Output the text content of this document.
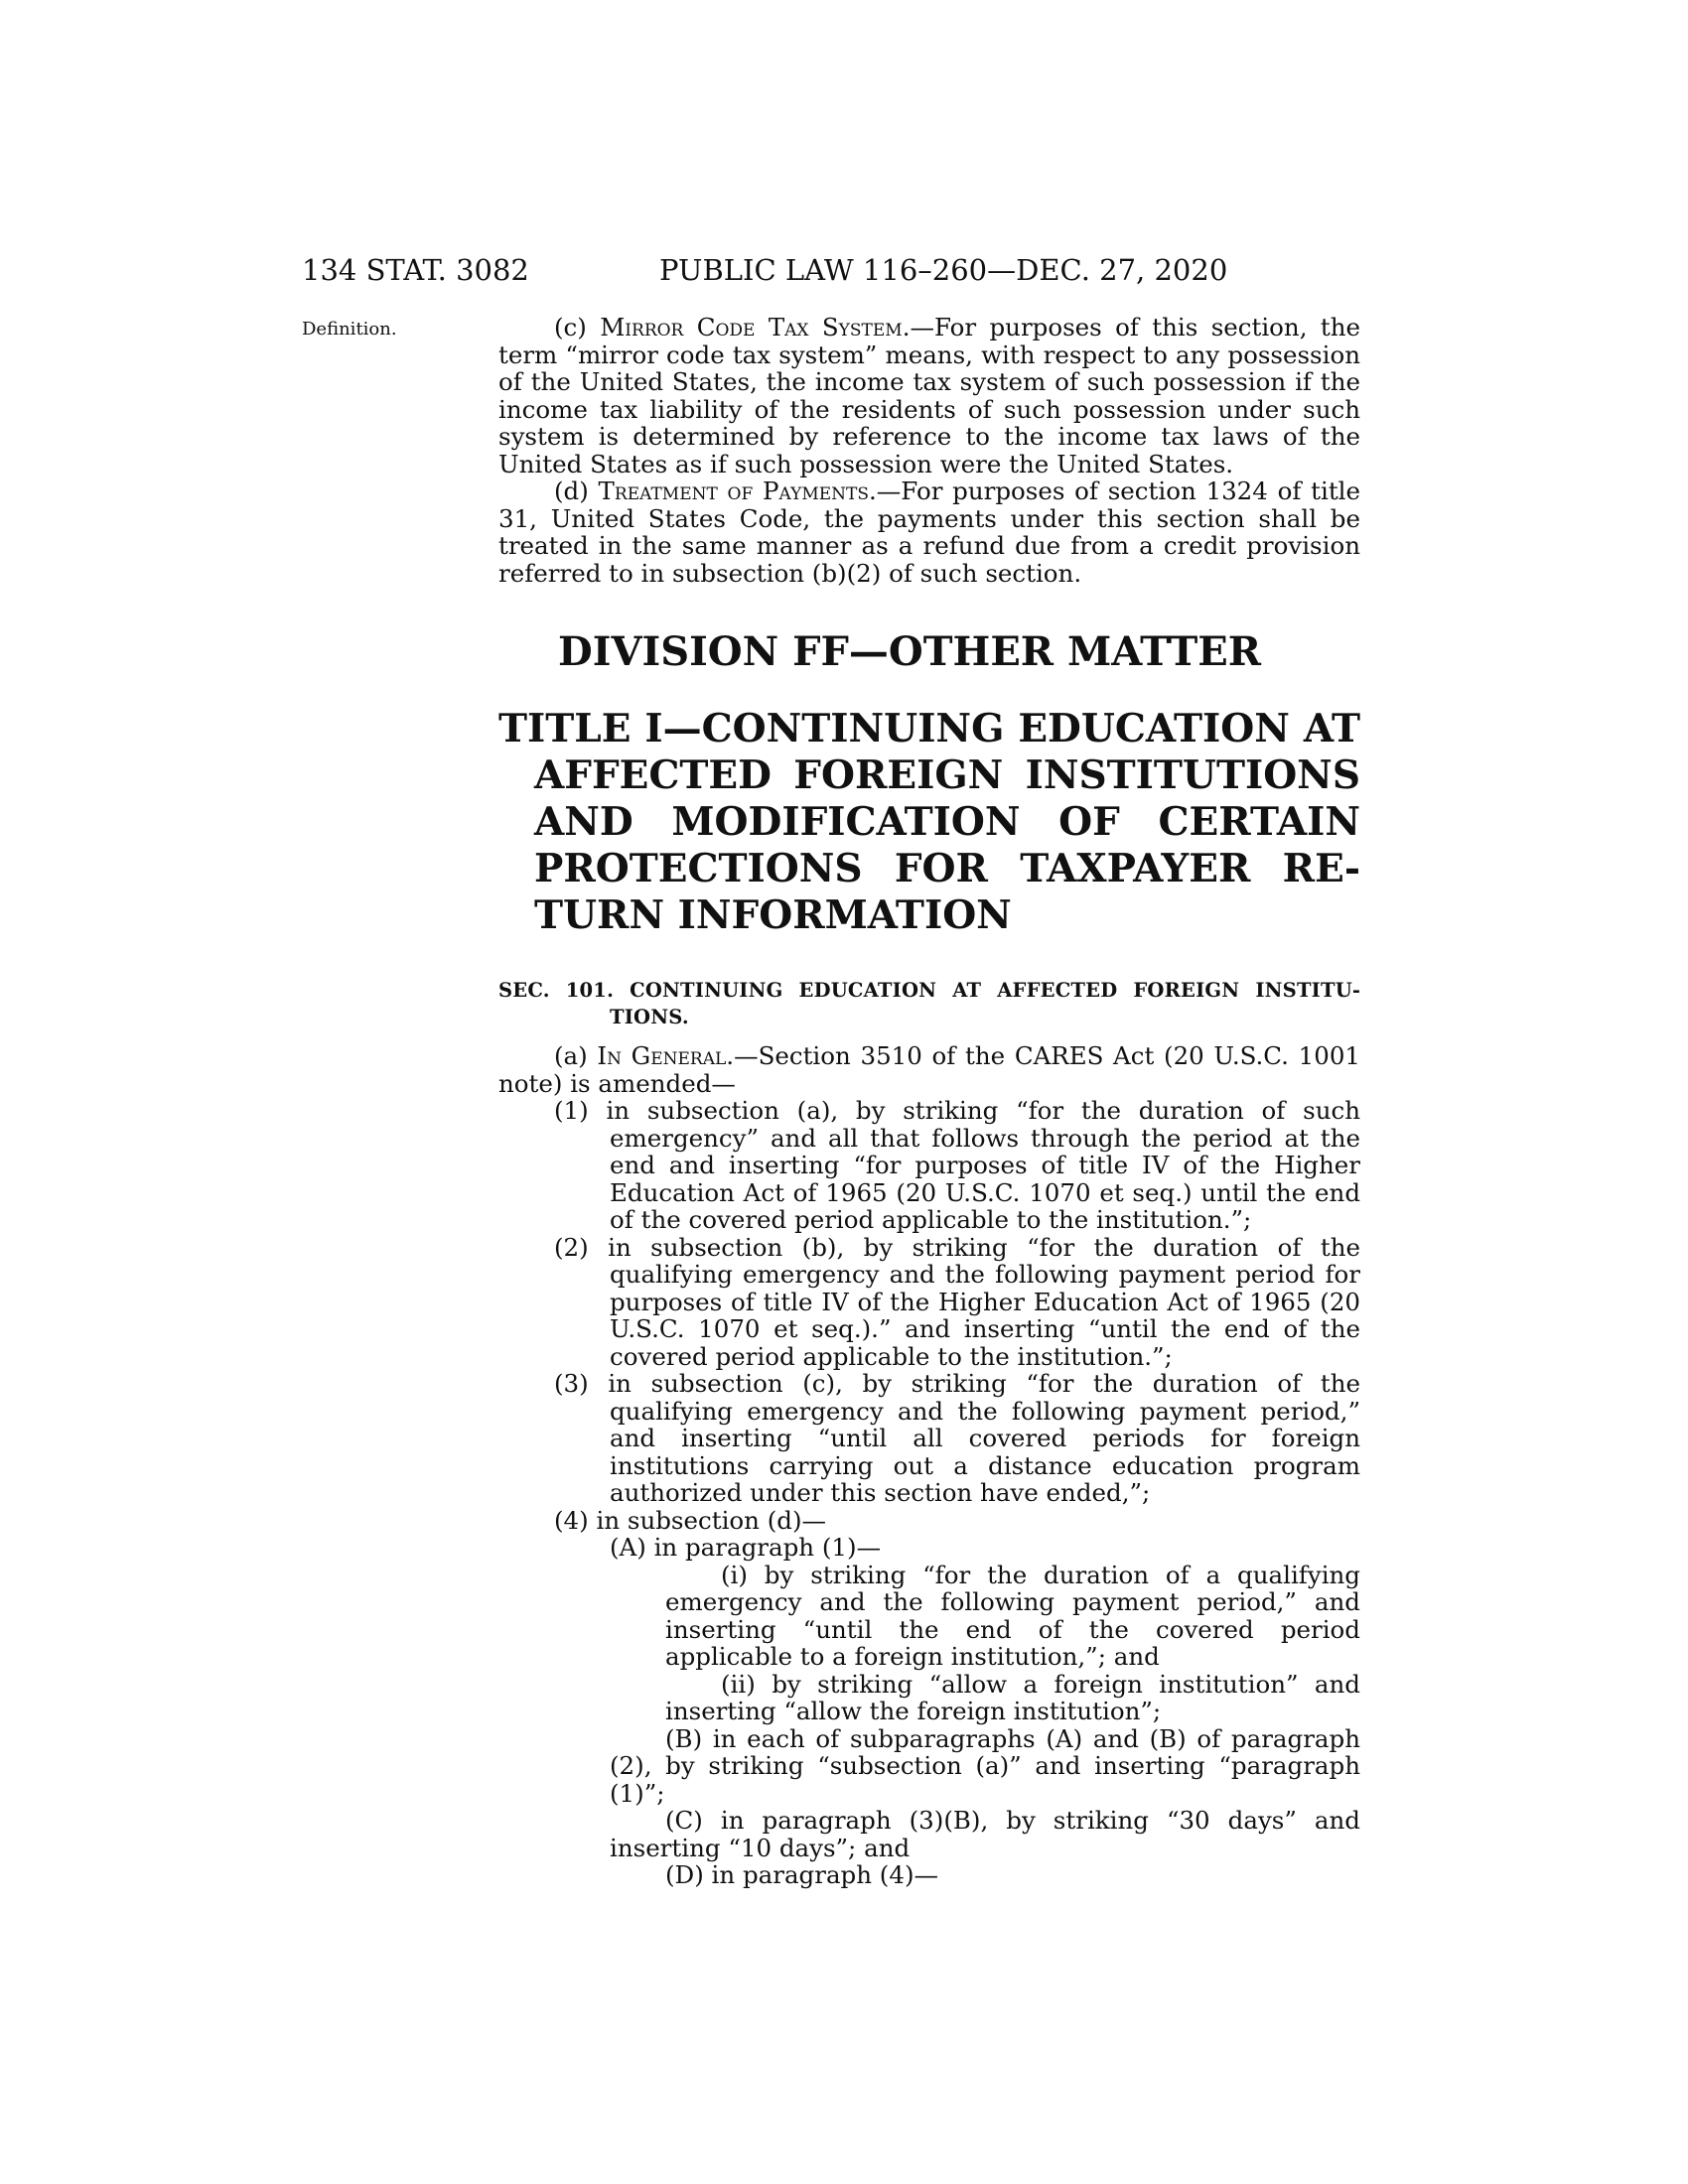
134 STAT. 3082	PUBLIC LAW 116–260—DEC. 27, 2020
Definition.	(c) Mirror Code Tax System.—For purposes of this section, the term “mirror code tax system” means, with respect to any possession of the United States, the income tax system of such possession if the income tax liability of the residents of such possession under such system is determined by reference to the income tax laws of the United States as if such possession were the United States.

(d) Treatment of Payments.—For purposes of section 1324 of title 31, United States Code, the payments under this section shall be treated in the same manner as a refund due from a credit provision referred to in subsection (b)(2) of such section.

DIVISION FF—OTHER MATTER
TITLE I—CONTINUING EDUCATION AT AFFECTED FOREIGN INSTITUTIONS AND MODIFICATION OF CERTAIN PROTECTIONS FOR TAXPAYER RETURN INFORMATION
SEC. 101. CONTINUING EDUCATION AT AFFECTED FOREIGN INSTITUTIONS.

(a) In General.—Section 3510 of the CARES Act (20 U.S.C. 1001 note) is amended—

(1) in subsection (a), by striking “for the duration of such emergency” and all that follows through the period at the end and inserting “for purposes of title IV of the Higher Education Act of 1965 (20 U.S.C. 1070 et seq.) until the end of the covered period applicable to the institution.”;

(2) in subsection (b), by striking “for the duration of the qualifying emergency and the following payment period for purposes of title IV of the Higher Education Act of 1965 (20 U.S.C. 1070 et seq.).” and inserting “until the end of the covered period applicable to the institution.”;

(3) in subsection (c), by striking “for the duration of the qualifying emergency and the following payment period,” and inserting “until all covered periods for foreign institutions carrying out a distance education program authorized under this section have ended,”;

(4) in subsection (d)—

(A) in paragraph (1)—

(i) by striking “for the duration of a qualifying emergency and the following payment period,” and inserting “until the end of the covered period applicable to a foreign institution,”; and

(ii) by striking “allow a foreign institution” and inserting “allow the foreign institution”;

(B) in each of subparagraphs (A) and (B) of paragraph (2), by striking “subsection (a)” and inserting “paragraph (1)”;

(C) in paragraph (3)(B), by striking “30 days” and inserting “10 days”; and

(D) in paragraph (4)—
